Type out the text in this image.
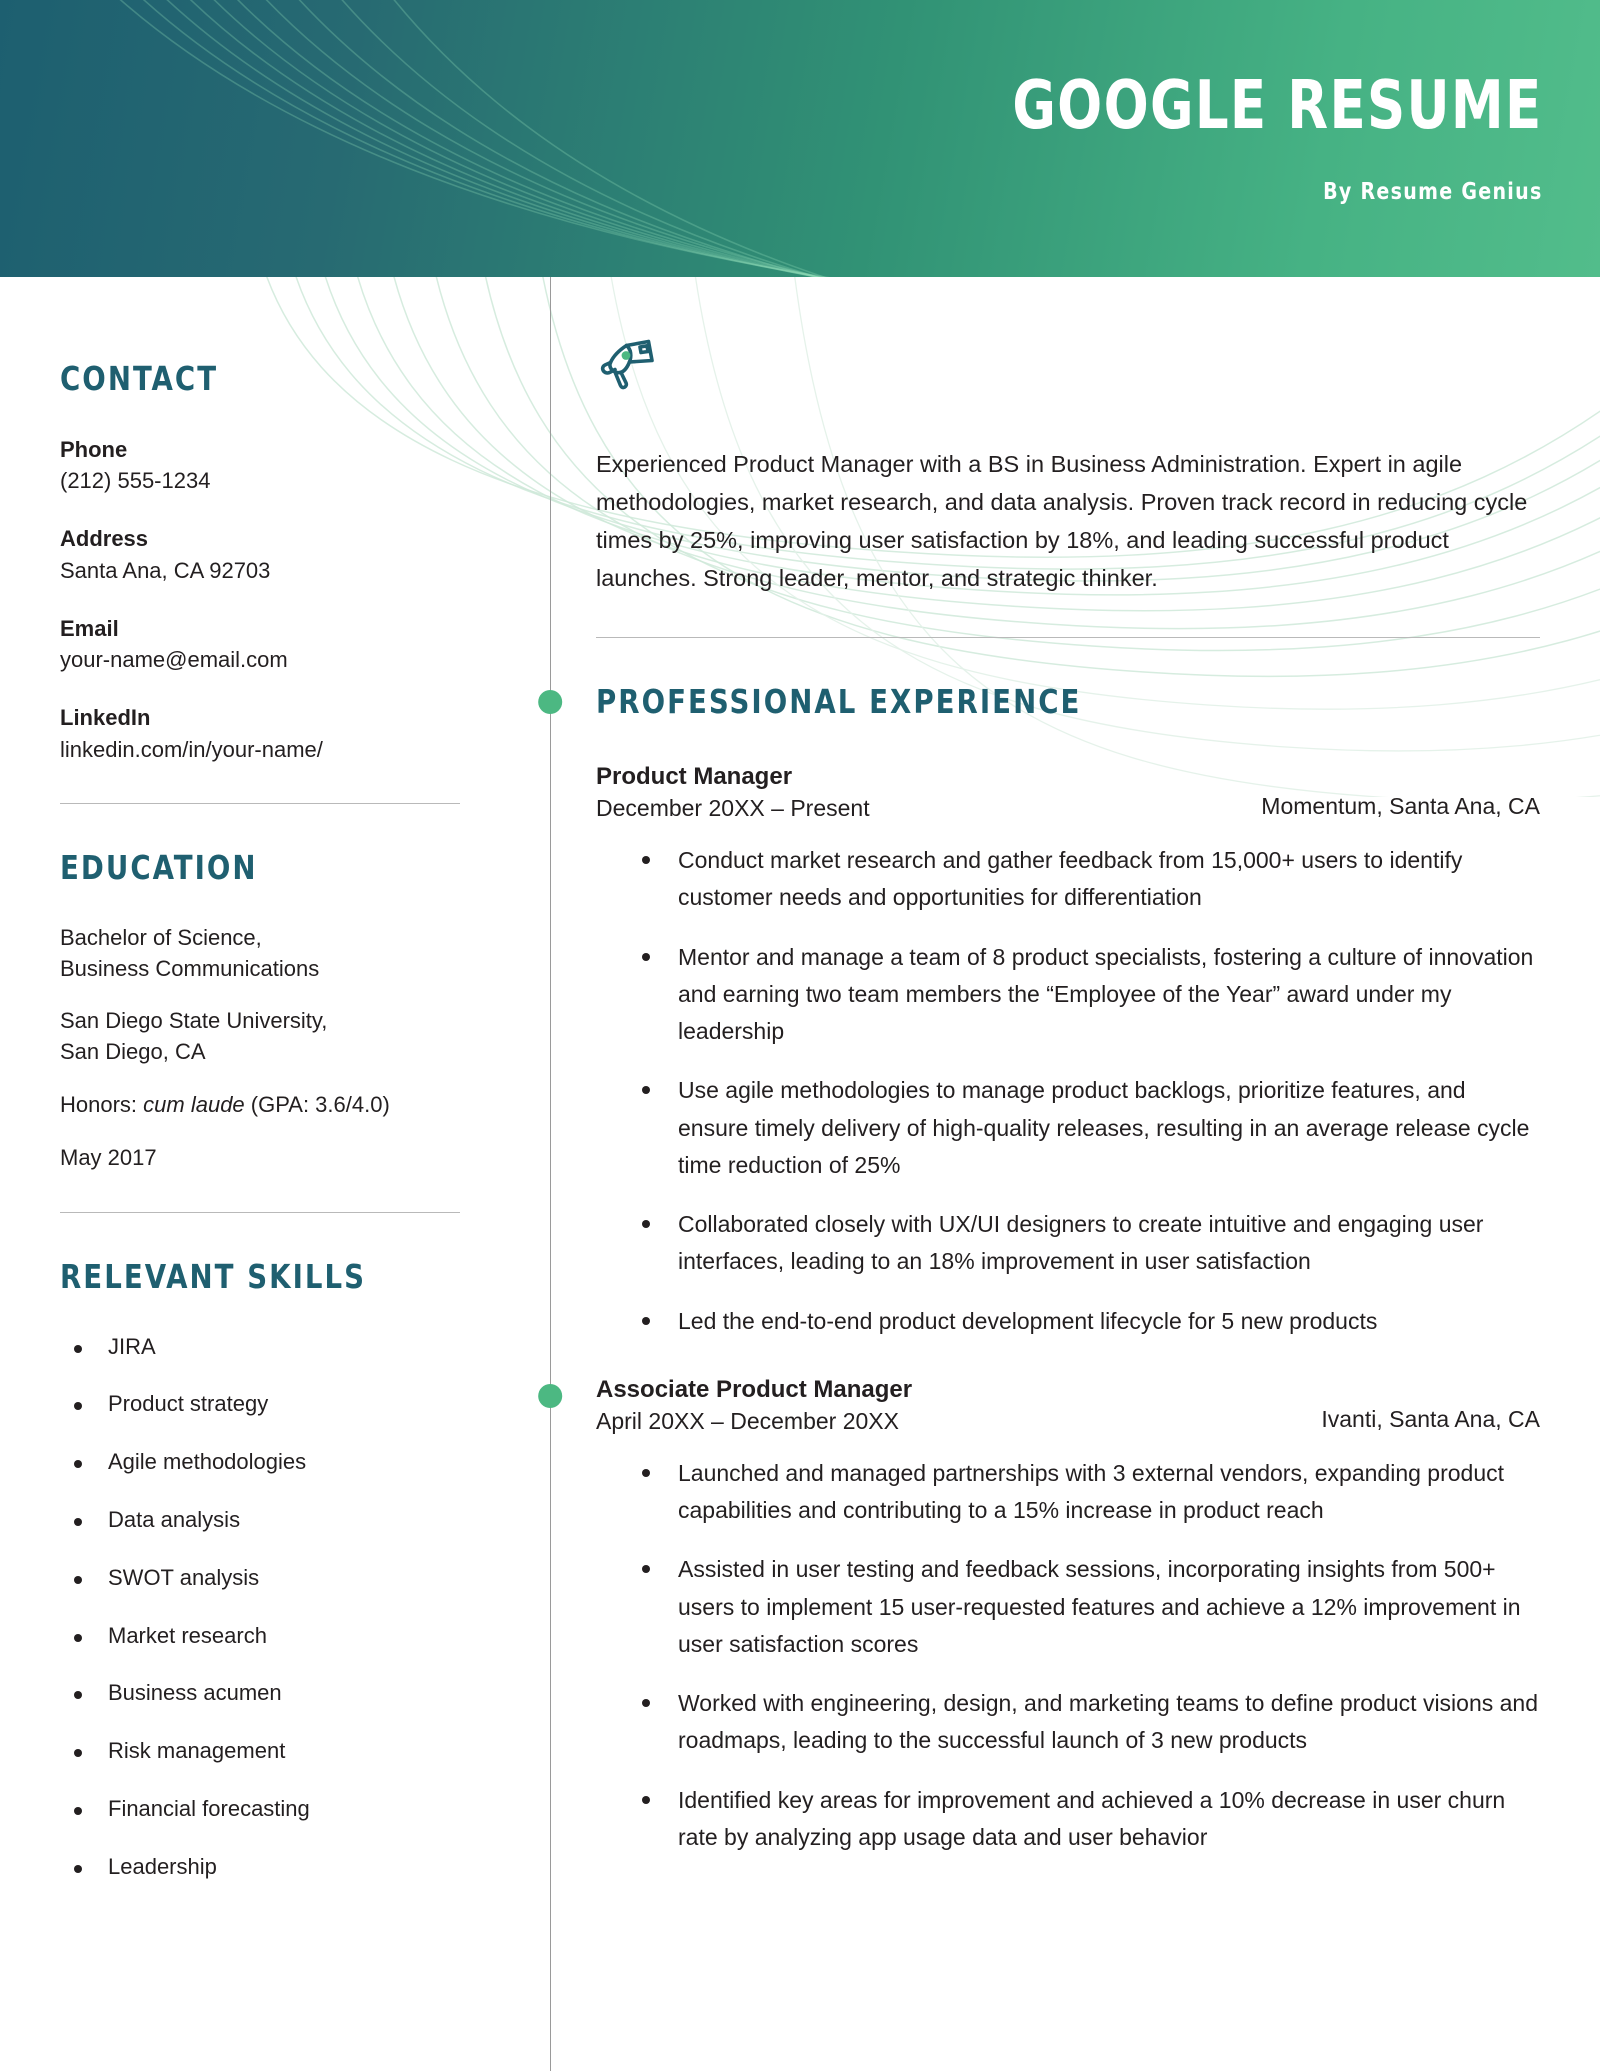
GOOGLE RESUME
By Resume Genius
CONTACT
Phone
(212) 555-1234
Address
Santa Ana, CA 92703
Email
your-name@email.com
LinkedIn
linkedin.com/in/your-name/
EDUCATION
Bachelor of Science,
Business Communications
San Diego State University,
San Diego, CA
Honors: cum laude (GPA: 3.6/4.0)
May 2017
RELEVANT SKILLS
JIRA
Product strategy
Agile methodologies
Data analysis
SWOT analysis
Market research
Business acumen
Risk management
Financial forecasting
Leadership

Experienced Product Manager with a BS in Business Administration. Expert in agile methodologies, market research, and data analysis. Proven track record in reducing cycle times by 25%, improving user satisfaction by 18%, and leading successful product launches. Strong leader, mentor, and strategic thinker.

PROFESSIONAL EXPERIENCE
Product Manager
December 20XX – Present	Momentum, Santa Ana, CA
Conduct market research and gather feedback from 15,000+ users to identify customer needs and opportunities for differentiation
Mentor and manage a team of 8 product specialists, fostering a culture of innovation and earning two team members the “Employee of the Year” award under my leadership
Use agile methodologies to manage product backlogs, prioritize features, and ensure timely delivery of high-quality releases, resulting in an average release cycle time reduction of 25%
Collaborated closely with UX/UI designers to create intuitive and engaging user interfaces, leading to an 18% improvement in user satisfaction
Led the end-to-end product development lifecycle for 5 new products
Associate Product Manager
April 20XX – December 20XX	Ivanti, Santa Ana, CA
Launched and managed partnerships with 3 external vendors, expanding product capabilities and contributing to a 15% increase in product reach
Assisted in user testing and feedback sessions, incorporating insights from 500+ users to implement 15 user-requested features and achieve a 12% improvement in user satisfaction scores
Worked with engineering, design, and marketing teams to define product visions and roadmaps, leading to the successful launch of 3 new products
Identified key areas for improvement and achieved a 10% decrease in user churn rate by analyzing app usage data and user behavior
